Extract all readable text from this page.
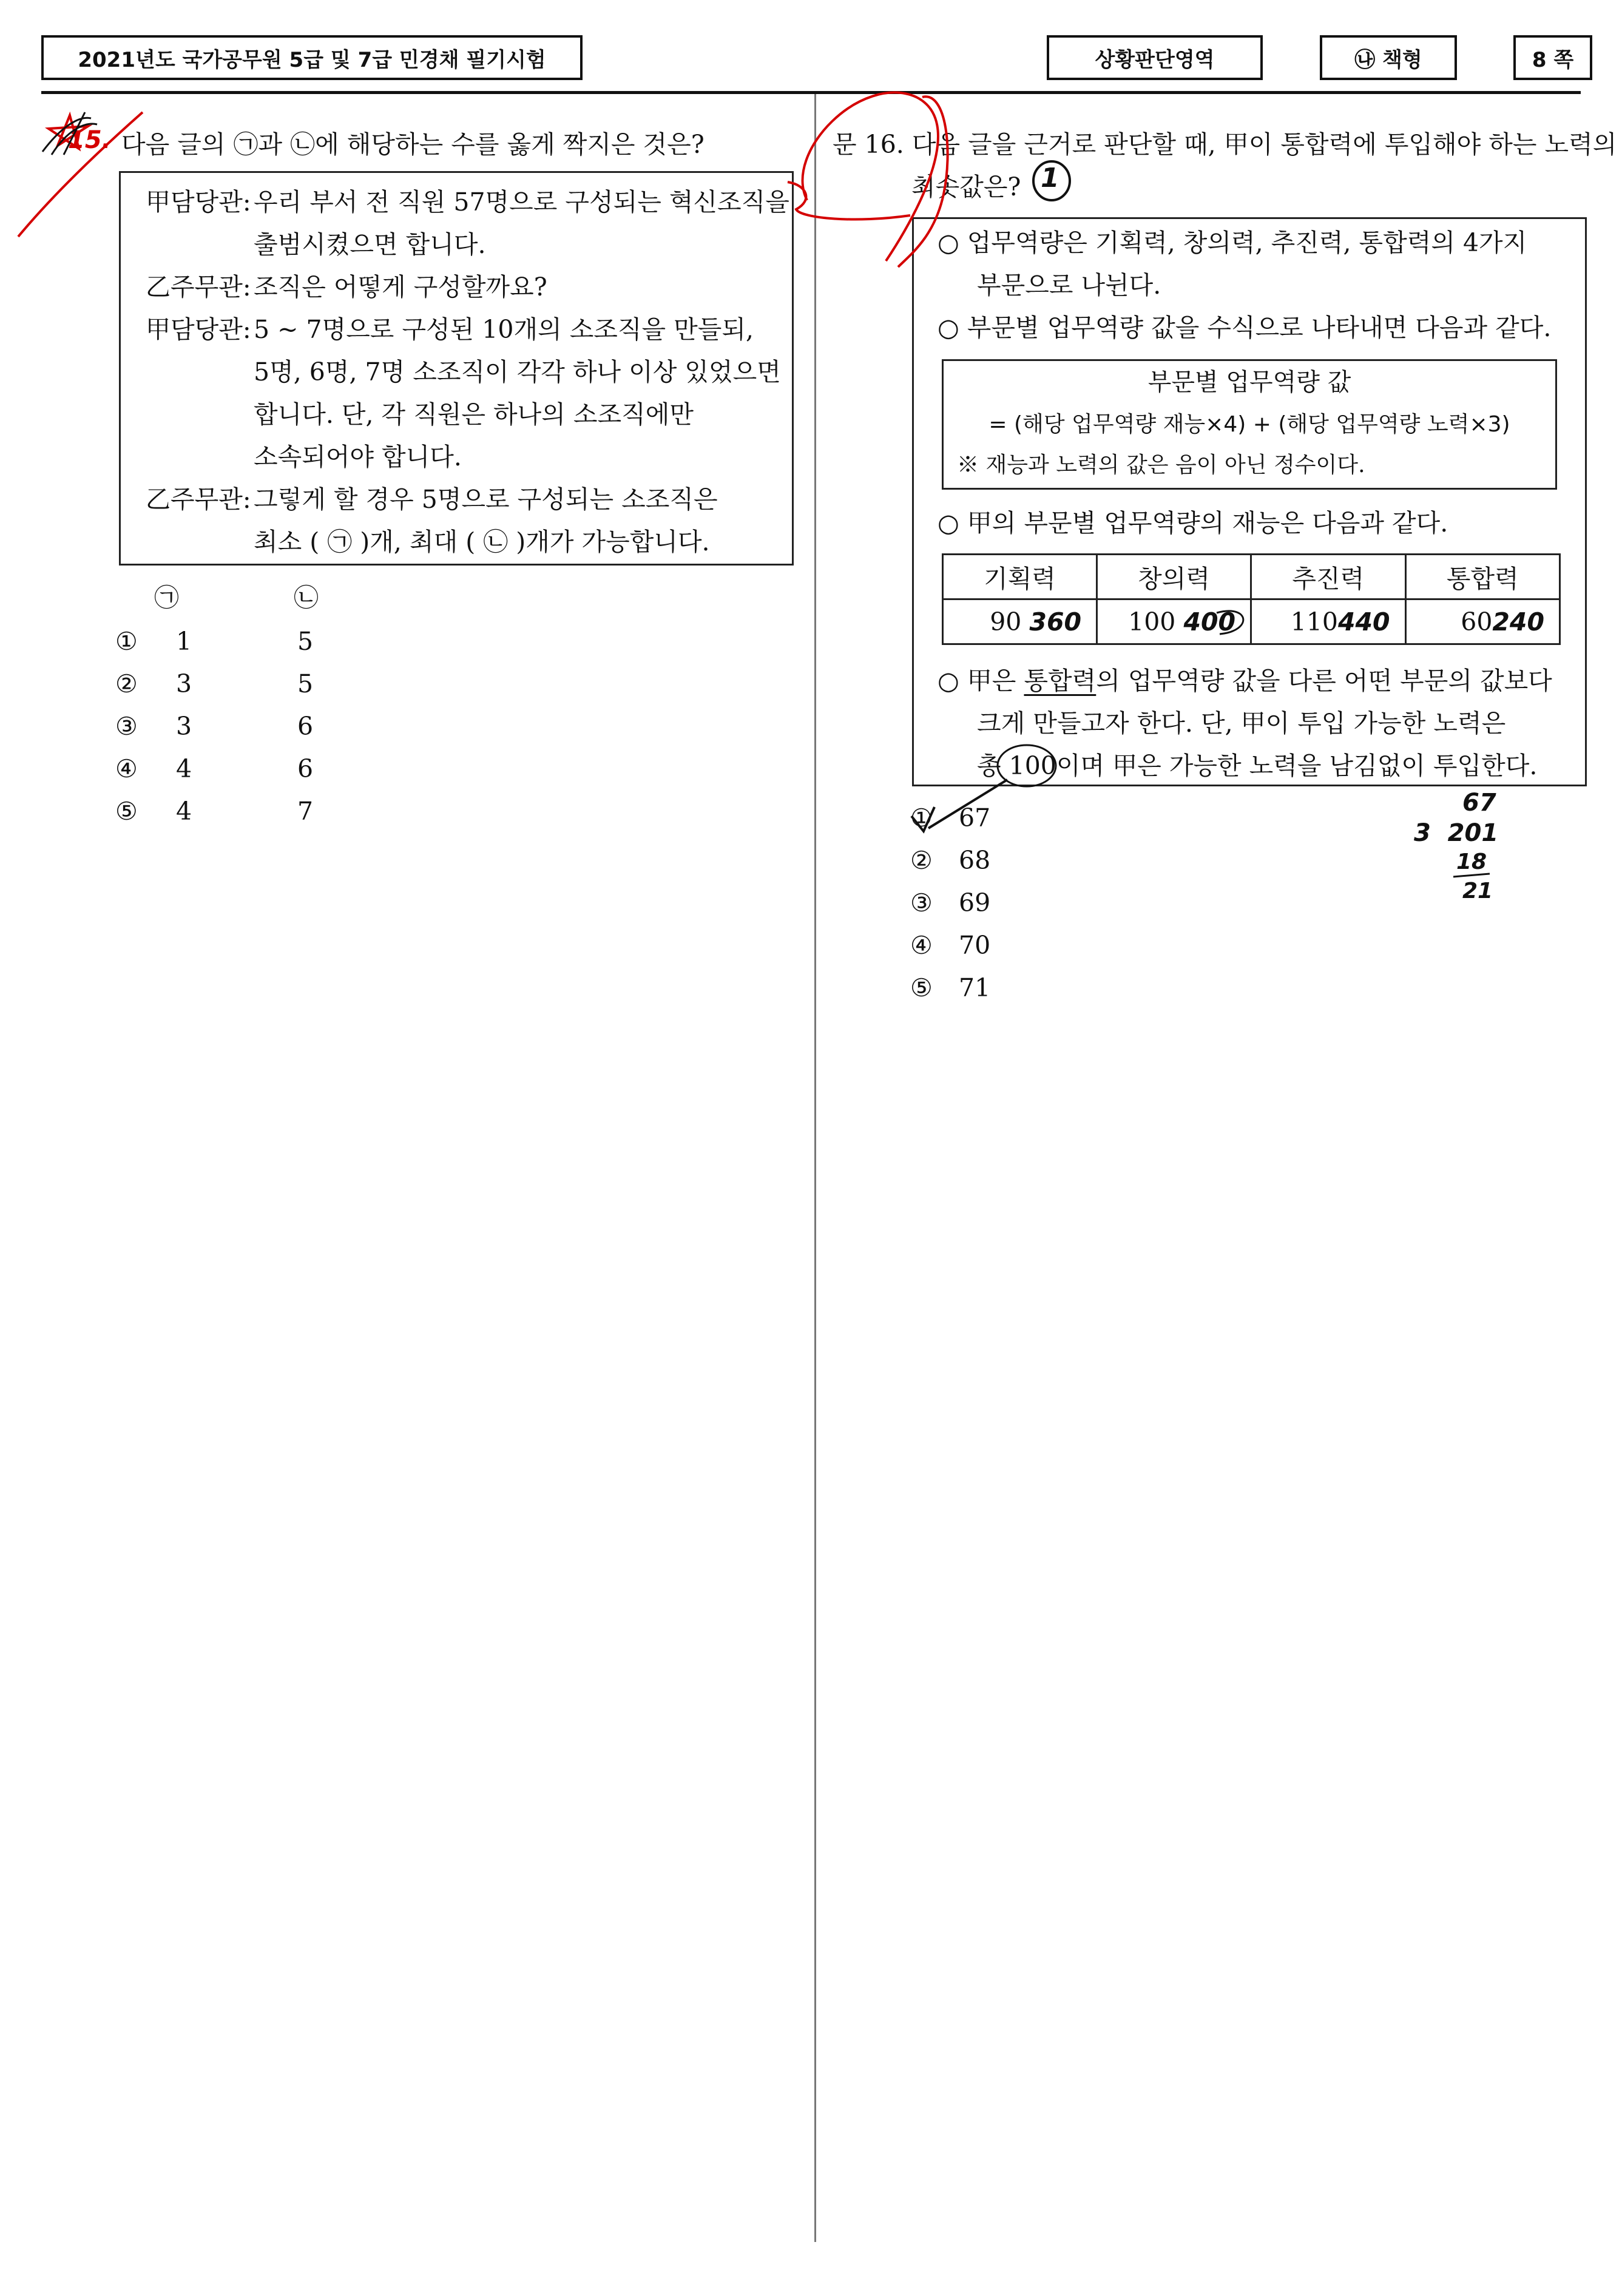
2021년도 국가공무원 5급 및 7급 민경채 필기시험	상황판단영역	㉯ 책형	8 쪽
15. 다음 글의 ㉠과 ㉡에 해당하는 수를 옳게 짝지은 것은?
甲담당관: 우리 부서 전 직원 57명으로 구성되는 혁신조직을
출범시켰으면 합니다.
乙주무관: 조직은 어떻게 구성할까요?
甲담당관: 5 ~ 7명으로 구성된 10개의 소조직을 만들되,
5명, 6명, 7명 소조직이 각각 하나 이상 있었으면
합니다. 단, 각 직원은 하나의 소조직에만
소속되어야 합니다.
乙주무관: 그렇게 할 경우 5명으로 구성되는 소조직은
최소 ( ㉠ )개, 최대 ( ㉡ )개가 가능합니다.
㉠	㉡
① 1	5
② 3	5
③ 3	6
④ 4	6
⑤ 4	7
문 16. 다음 글을 근거로 판단할 때, 甲이 통합력에 투입해야 하는 노력의
최솟값은?
○ 업무역량은 기획력, 창의력, 추진력, 통합력의 4가지
부문으로 나뉜다.
○ 부문별 업무역량 값을 수식으로 나타내면 다음과 같다.
부문별 업무역량 값
= (해당 업무역량 재능×4) + (해당 업무역량 노력×3)
※ 재능과 노력의 값은 음이 아닌 정수이다.
○ 甲의 부문별 업무역량의 재능은 다음과 같다.
기획력	창의력	추진력	통합력
90 360	100 400	110440	60240
○ 甲은 통합력의 업무역량 값을 다른 어떤 부문의 값보다
크게 만들고자 한다. 단, 甲이 투입 가능한 노력은
총 100이며 甲은 가능한 노력을 남김없이 투입한다.
① 67
② 68
③ 69
④ 70
⑤ 71
1
67
3  201
18
21
